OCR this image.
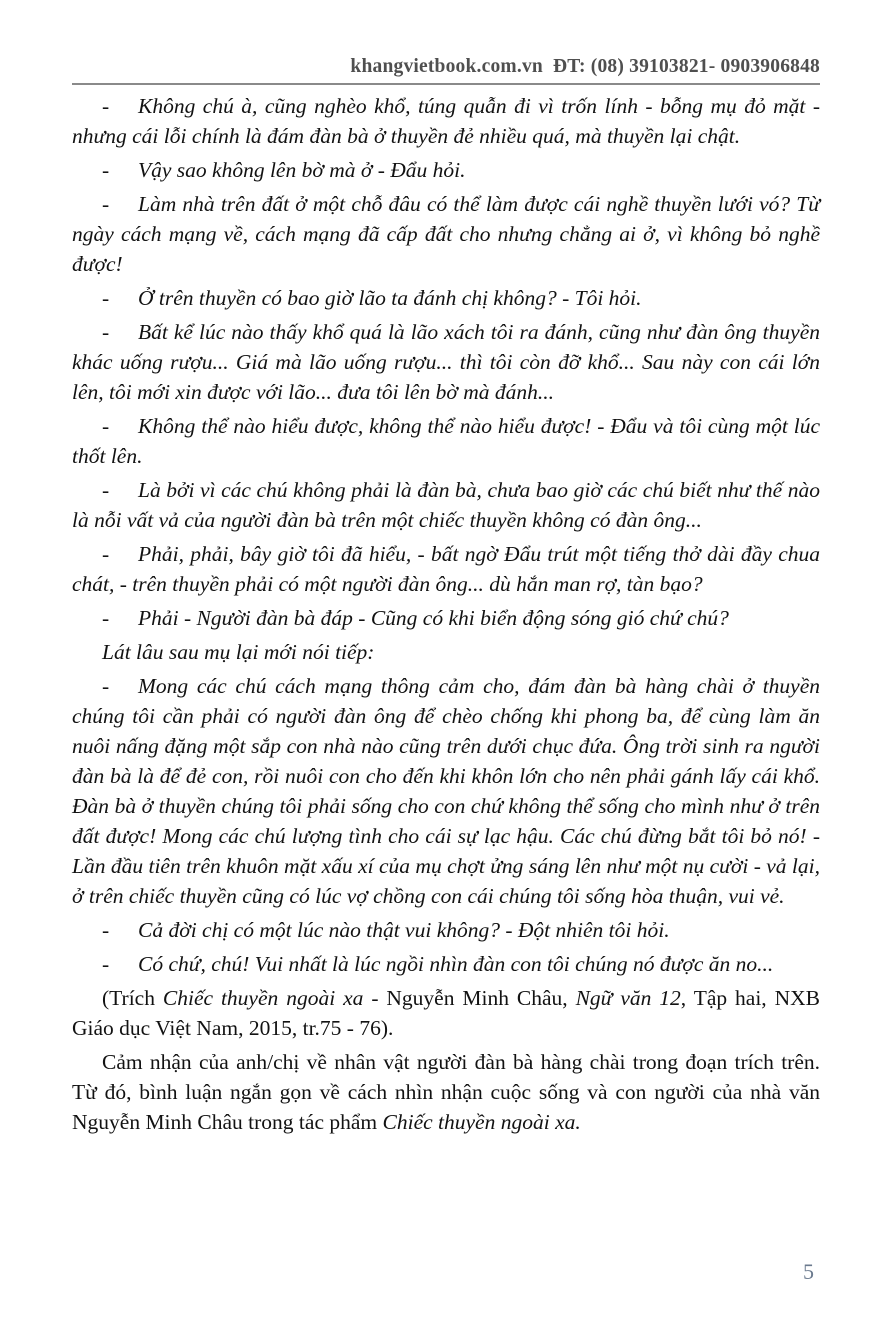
khangvietbook.com.vn ĐT: (08) 39103821- 0903906848

- Không chú à, cũng nghèo khổ, túng quẫn đi vì trốn lính - bỗng mụ đỏ mặt - nhưng cái lỗi chính là đám đàn bà ở thuyền đẻ nhiều quá, mà thuyền lại chật.

- Vậy sao không lên bờ mà ở - Đẩu hỏi.

- Làm nhà trên đất ở một chỗ đâu có thể làm được cái nghề thuyền lưới vó? Từ ngày cách mạng về, cách mạng đã cấp đất cho nhưng chẳng ai ở, vì không bỏ nghề được!

- Ở trên thuyền có bao giờ lão ta đánh chị không? - Tôi hỏi.

- Bất kể lúc nào thấy khổ quá là lão xách tôi ra đánh, cũng như đàn ông thuyền khác uống rượu... Giá mà lão uống rượu... thì tôi còn đỡ khổ... Sau này con cái lớn lên, tôi mới xin được với lão... đưa tôi lên bờ mà đánh...

- Không thể nào hiểu được, không thể nào hiểu được! - Đẩu và tôi cùng một lúc thốt lên.

- Là bởi vì các chú không phải là đàn bà, chưa bao giờ các chú biết như thế nào là nỗi vất vả của người đàn bà trên một chiếc thuyền không có đàn ông...

- Phải, phải, bây giờ tôi đã hiểu, - bất ngờ Đẩu trút một tiếng thở dài đầy chua chát, - trên thuyền phải có một người đàn ông... dù hắn man rợ, tàn bạo?

- Phải - Người đàn bà đáp - Cũng có khi biển động sóng gió chứ chú?

Lát lâu sau mụ lại mới nói tiếp:

- Mong các chú cách mạng thông cảm cho, đám đàn bà hàng chài ở thuyền chúng tôi cần phải có người đàn ông để chèo chống khi phong ba, để cùng làm ăn nuôi nấng đặng một sắp con nhà nào cũng trên dưới chục đứa. Ông trời sinh ra người đàn bà là để đẻ con, rồi nuôi con cho đến khi khôn lớn cho nên phải gánh lấy cái khổ. Đàn bà ở thuyền chúng tôi phải sống cho con chứ không thể sống cho mình như ở trên đất được! Mong các chú lượng tình cho cái sự lạc hậu. Các chú đừng bắt tôi bỏ nó! - Lần đầu tiên trên khuôn mặt xấu xí của mụ chợt ửng sáng lên như một nụ cười - vả lại, ở trên chiếc thuyền cũng có lúc vợ chồng con cái chúng tôi sống hòa thuận, vui vẻ.

- Cả đời chị có một lúc nào thật vui không? - Đột nhiên tôi hỏi.

- Có chứ, chú! Vui nhất là lúc ngồi nhìn đàn con tôi chúng nó được ăn no...

(Trích Chiếc thuyền ngoài xa - Nguyễn Minh Châu, Ngữ văn 12, Tập hai, NXB Giáo dục Việt Nam, 2015, tr.75 - 76).

Cảm nhận của anh/chị về nhân vật người đàn bà hàng chài trong đoạn trích trên. Từ đó, bình luận ngắn gọn về cách nhìn nhận cuộc sống và con người của nhà văn Nguyễn Minh Châu trong tác phẩm Chiếc thuyền ngoài xa.

5
